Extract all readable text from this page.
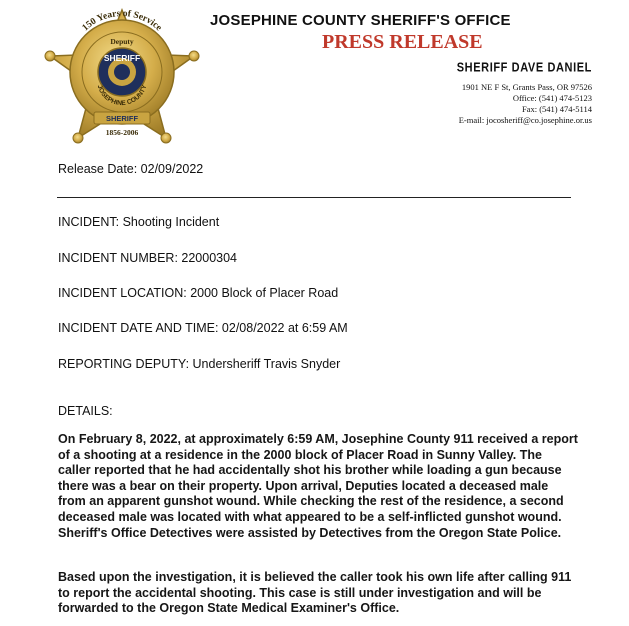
150 Years of Service
Deputy
SHERIFF
JOSEPHINE COUNTY
SHERIFF
1856-2006
JOSEPHINE COUNTY SHERIFF'S OFFICE
PRESS RELEASE
SHERIFF DAVE DANIEL
1901 NE F St, Grants Pass, OR 97526
Office: (541) 474-5123
Fax: (541) 474-5114
E-mail: jocosheriff@co.josephine.or.us
Release Date: 02/09/2022
INCIDENT: Shooting Incident
INCIDENT NUMBER: 22000304
INCIDENT LOCATION: 2000 Block of Placer Road
INCIDENT DATE AND TIME: 02/08/2022 at 6:59 AM
REPORTING DEPUTY: Undersheriff Travis Snyder
DETAILS:
On February 8, 2022, at approximately 6:59 AM, Josephine County 911 received a report of a shooting at a residence in the 2000 block of Placer Road in Sunny Valley. The caller reported that he had accidentally shot his brother while loading a gun because there was a bear on their property. Upon arrival, Deputies located a deceased male from an apparent gunshot wound. While checking the rest of the residence, a second deceased male was located with what appeared to be a self-inflicted gunshot wound. Sheriff's Office Detectives were assisted by Detectives from the Oregon State Police.
Based upon the investigation, it is believed the caller took his own life after calling 911 to report the accidental shooting. This case is still under investigation and will be forwarded to the Oregon State Medical Examiner's Office.
